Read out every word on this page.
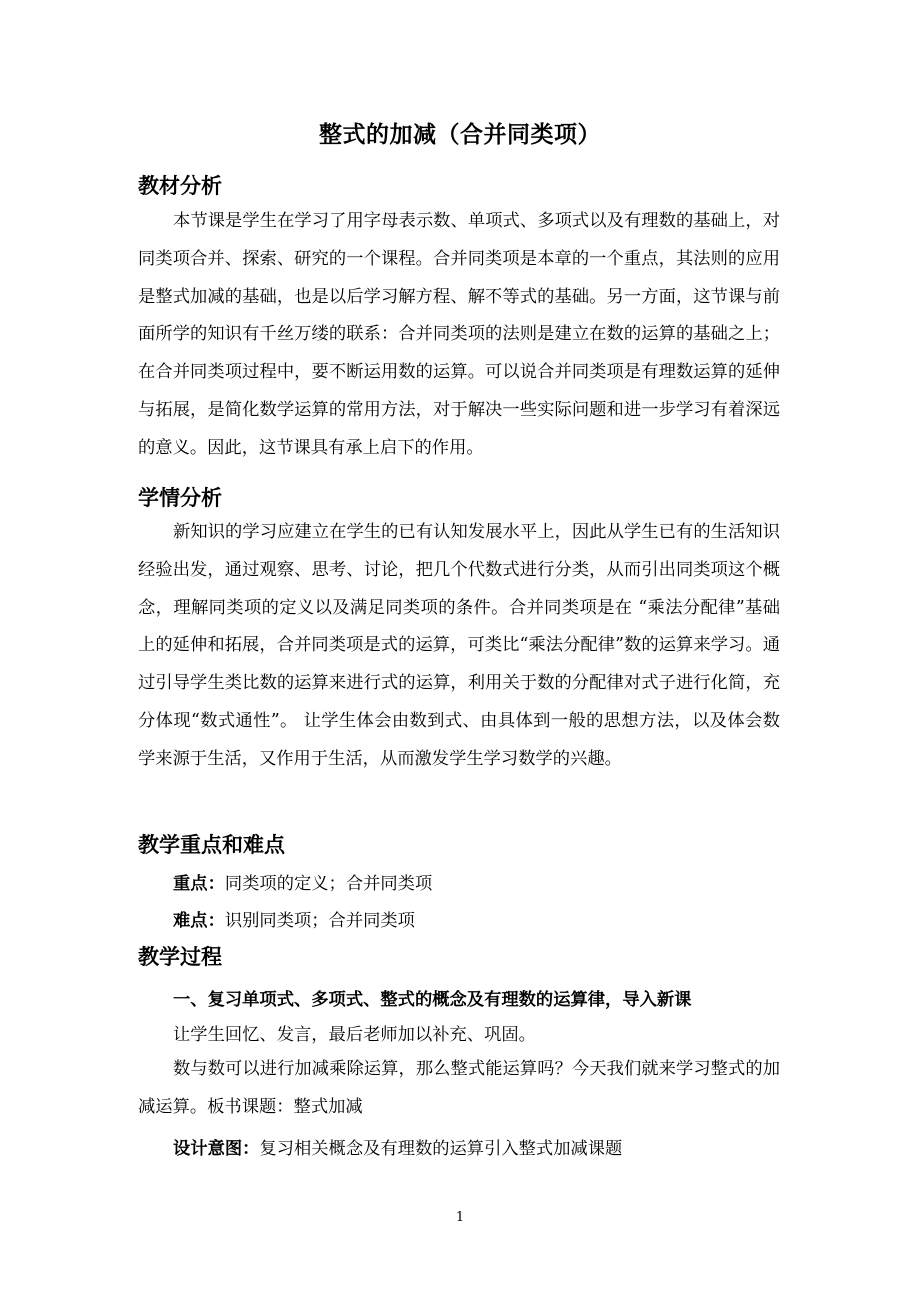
整式的加减（合并同类项）
教材分析
本节课是学生在学习了用字母表示数、单项式、多项式以及有理数的基础上，对同类项合并、探索、研究的一个课程。合并同类项是本章的一个重点，其法则的应用是整式加减的基础，也是以后学习解方程、解不等式的基础。另一方面，这节课与前面所学的知识有千丝万缕的联系：合并同类项的法则是建立在数的运算的基础之上；在合并同类项过程中，要不断运用数的运算。可以说合并同类项是有理数运算的延伸与拓展，是简化数学运算的常用方法，对于解决一些实际问题和进一步学习有着深远的意义。因此，这节课具有承上启下的作用。
学情分析
新知识的学习应建立在学生的已有认知发展水平上，因此从学生已有的生活知识经验出发，通过观察、思考、讨论，把几个代数式进行分类，从而引出同类项这个概念，理解同类项的定义以及满足同类项的条件。合并同类项是在 “乘法分配律”基础上的延伸和拓展，合并同类项是式的运算，可类比“乘法分配律”数的运算来学习。通过引导学生类比数的运算来进行式的运算，利用关于数的分配律对式子进行化简，充分体现“数式通性”。 让学生体会由数到式、由具体到一般的思想方法，以及体会数学来源于生活，又作用于生活，从而激发学生学习数学的兴趣。
教学重点和难点
重点：同类项的定义；合并同类项
难点：识别同类项；合并同类项
教学过程
一、复习单项式、多项式、整式的概念及有理数的运算律，导入新课
让学生回忆、发言，最后老师加以补充、巩固。
数与数可以进行加减乘除运算，那么整式能运算吗？今天我们就来学习整式的加减运算。板书课题：整式加减
设计意图：复习相关概念及有理数的运算引入整式加减课题
1
